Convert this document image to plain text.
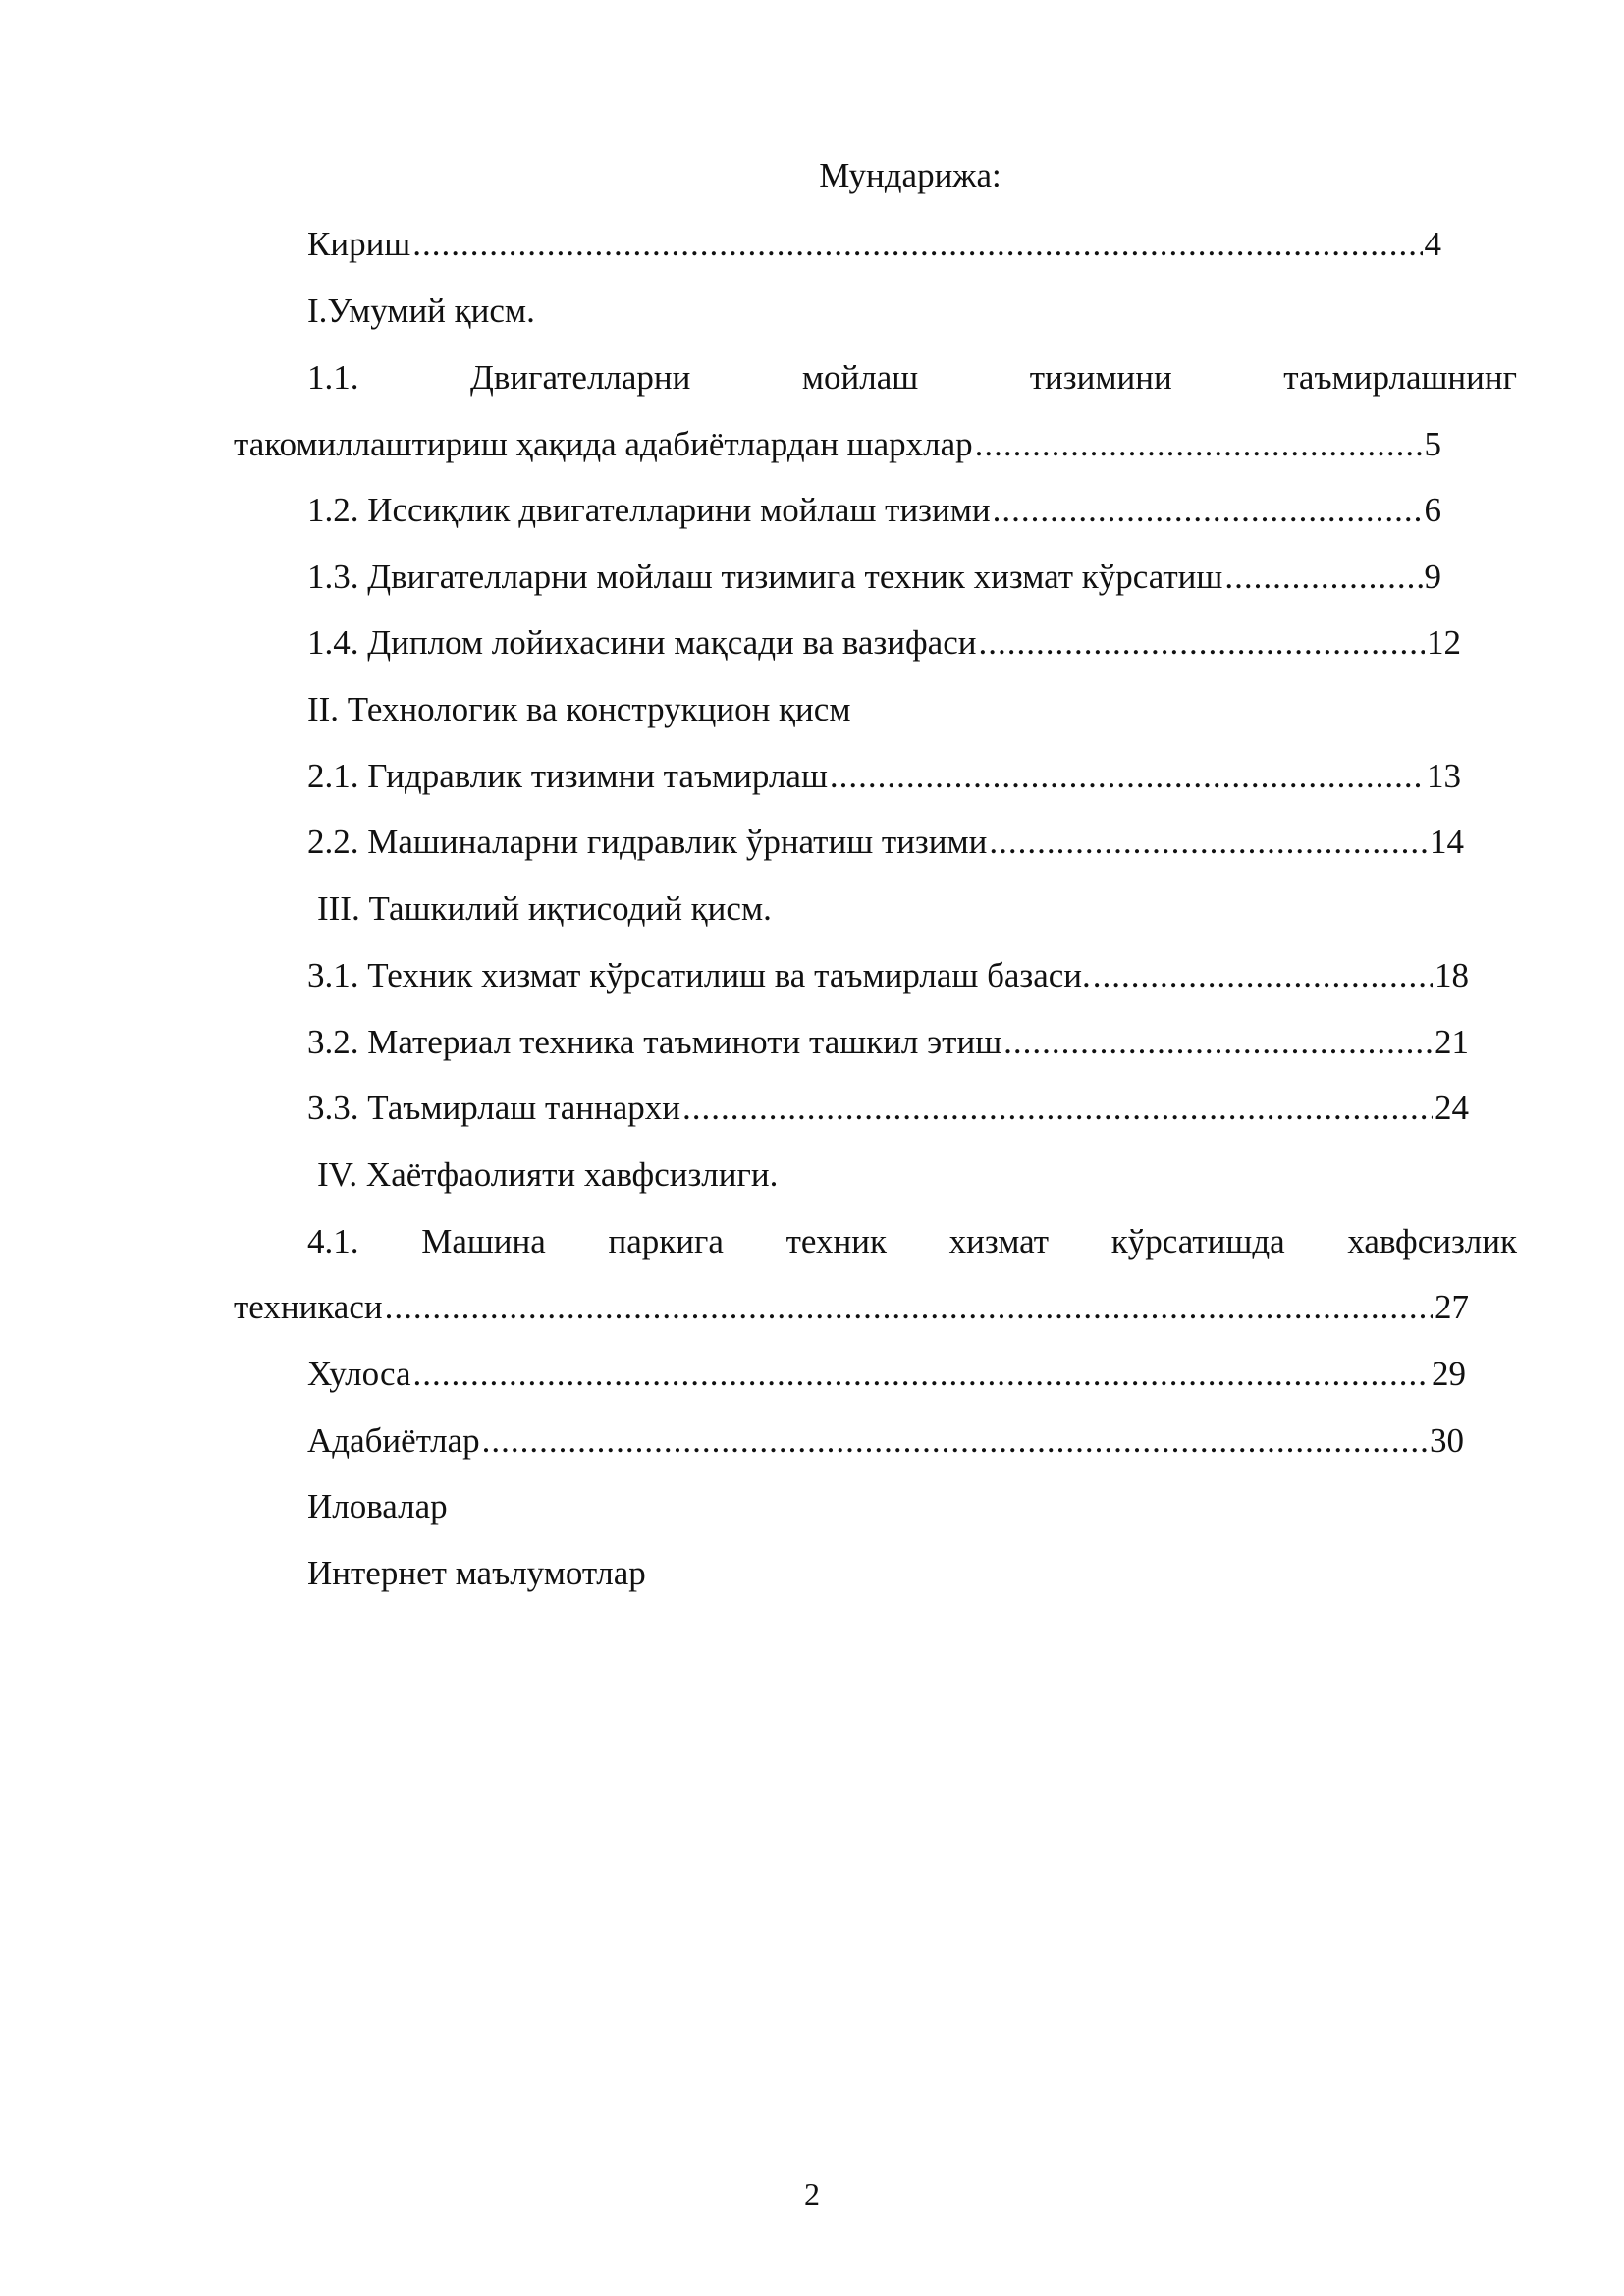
Мундарижа:
Кириш .....	4
I.Умумий қисм.
1.1.	Двигателларни	мойлаш	тизимини	таъмирлашнинг
такомиллаштириш ҳақида адабиётлардан шархлар .....	5
1.2. Иссиқлик двигателларини мойлаш тизими .....	6
1.3. Двигателларни мойлаш тизимига техник хизмат кўрсатиш .....	9
1.4. Диплом лойихасини мақсади ва вазифаси .....	12
II. Технологик ва конструкцион қисм
2.1. Гидравлик тизимни таъмирлаш .....	13
2.2. Машиналарни гидравлик ўрнатиш тизими .....	14
III. Ташкилий иқтисодий қисм.
3.1. Техник хизмат кўрсатилиш ва таъмирлаш базаси. .....	18
3.2. Материал техника таъминоти ташкил этиш .....	21
3.3. Таъмирлаш таннархи .....	24
IV. Хаётфаолияти хавфсизлиги.
4.1. Машина паркига техник хизмат кўрсатишда хавфсизлик
техникаси .....	27
Хулоса .....	29
Адабиётлар .....	30
Иловалар
Интернет маълумотлар
2
